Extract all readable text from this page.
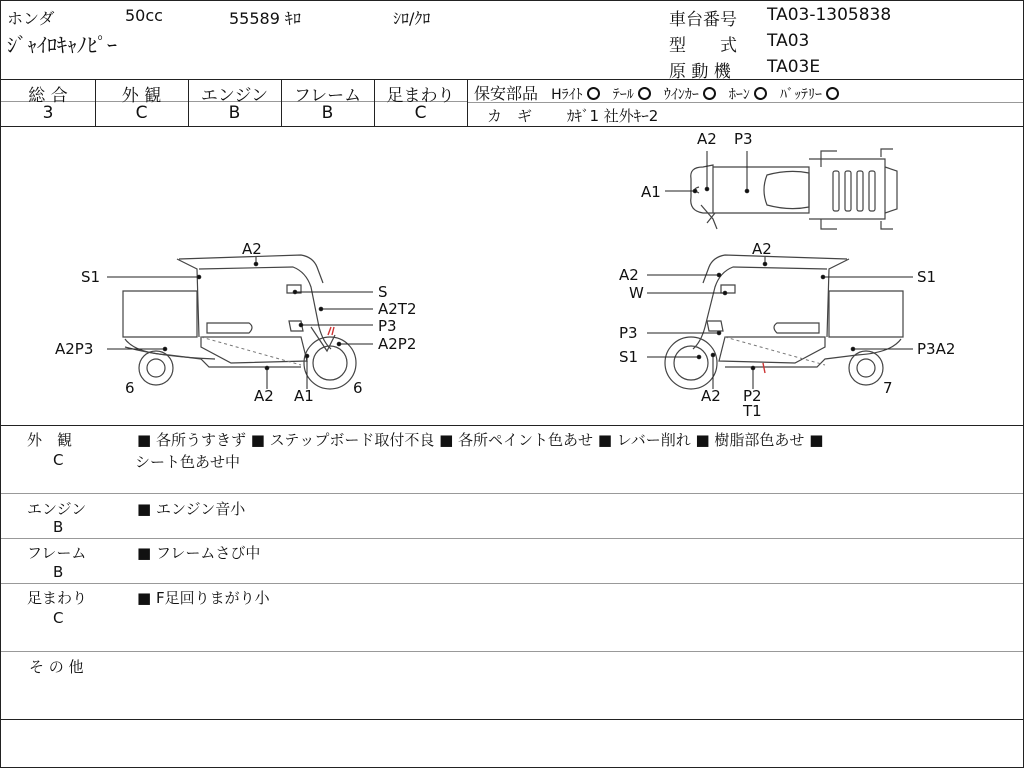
ホンダ	50cc	55589 ｷﾛ	ｼﾛ/ｸﾛ
ｼﾞｬｲﾛｷｬﾉﾋﾟｰ
車台番号 TA03-1305838
型　　式 TA03
原 動 機 TA03E
総 合	外 観	エンジン	フレーム	足まわり
3	C	B	B	C
保安部品 Hﾗｲﾄ ﾃｰﾙ ｳｲﾝｶｰ ﾎｰﾝ ﾊﾞｯﾃﾘｰ
カ　ギ ｶｷﾞ1 社外ｷｰ2
A2
S1
S
A2T2
P3
A2P2
A2P3
6	A2 A1	6
A2 P3
A1
A2
A2	S1
W
P3
S1	P3A2
A2 P2
T1
7
外　観
C
■ 各所うすきず ■ ステップボード取付不良 ■ 各所ペイント色あせ ■ レバー削れ ■ 樹脂部色あせ ■
シート色あせ中
エンジン
B
■ エンジン音小
フレーム
B
■ フレームさび中
足まわり
C
■ F足回りまがり小
そ の 他
